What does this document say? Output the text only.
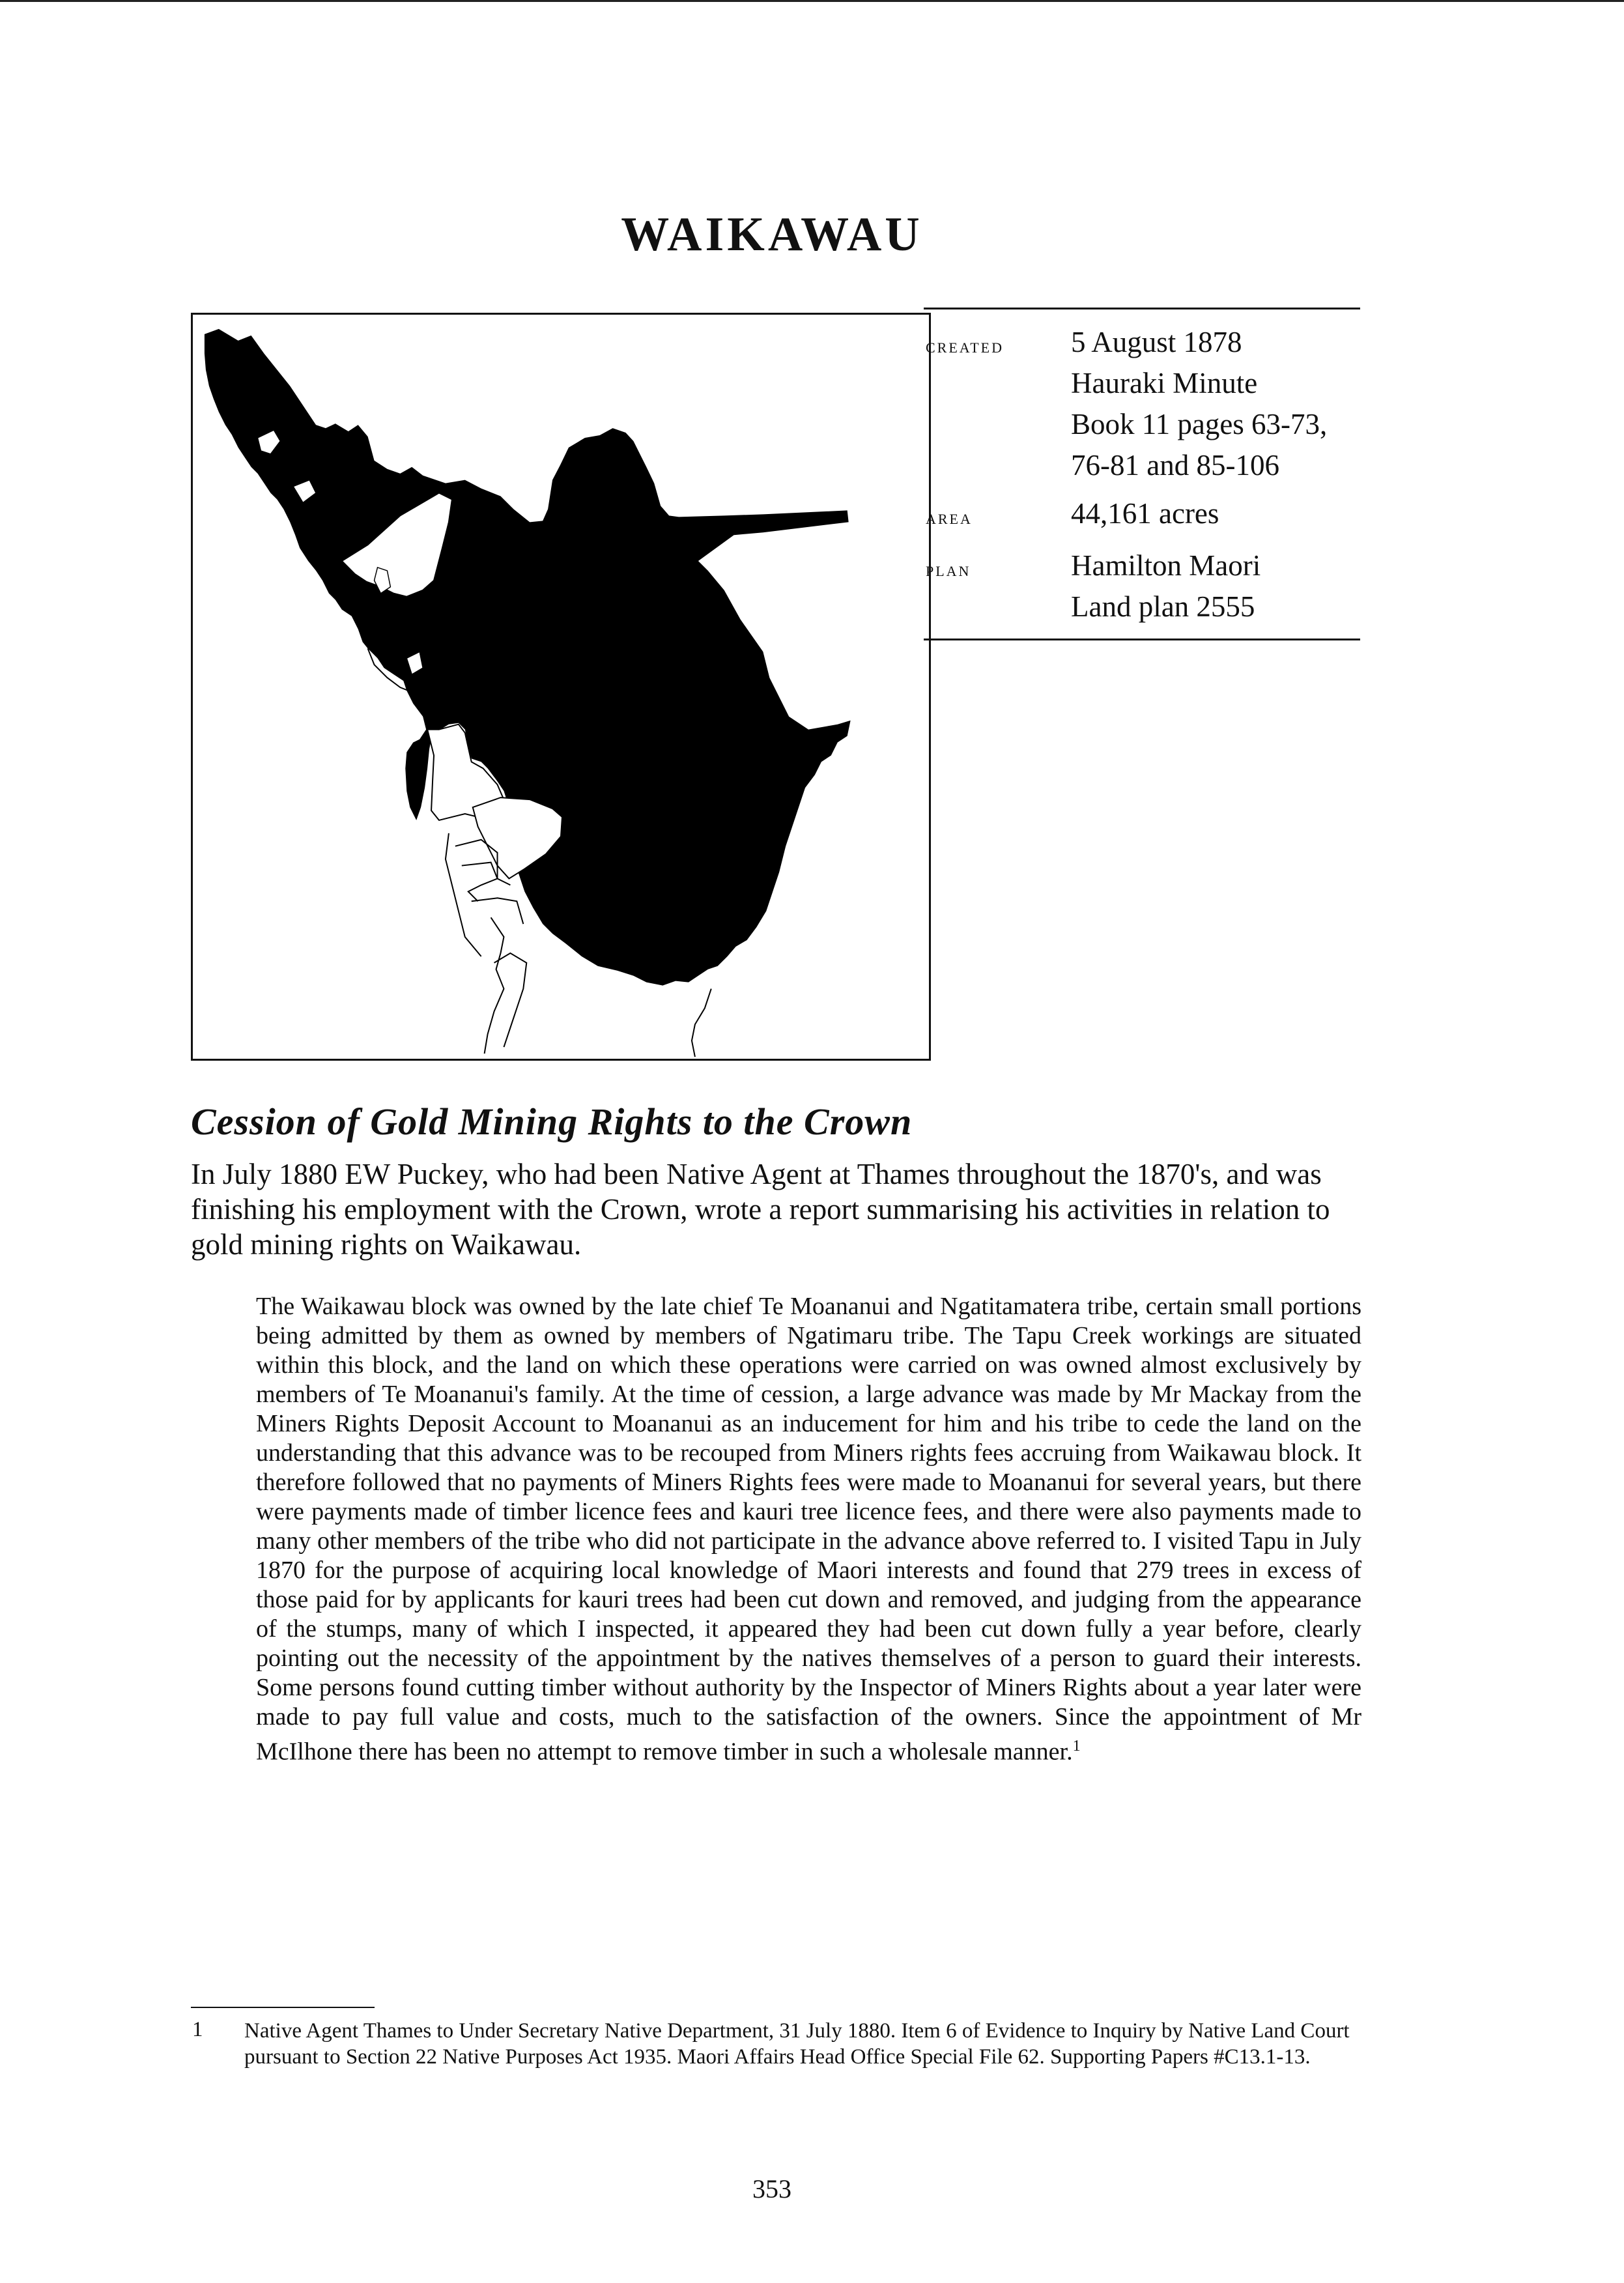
WAIKAWAU
created 5 August 1878
Hauraki Minute
Book 11 pages 63-73,
76-81 and 85-106
area	44,161 acres
plan	Hamilton Maori
Land plan 2555
Cession of Gold Mining Rights to the Crown
In July 1880 EW Puckey, who had been Native Agent at Thames throughout the 1870's, and was finishing his employment with the Crown, wrote a report summarising his activities in relation to gold mining rights on Waikawau.
The Waikawau block was owned by the late chief Te Moananui and Ngatitamatera tribe, certain small portions being admitted by them as owned by members of Ngatimaru tribe. The Tapu Creek workings are situated within this block, and the land on which these operations were carried on was owned almost exclusively by members of Te Moananui's family. At the time of cession, a large advance was made by Mr Mackay from the Miners Rights Deposit Account to Moananui as an inducement for him and his tribe to cede the land on the understanding that this advance was to be recouped from Miners rights fees accruing from Waikawau block. It therefore followed that no payments of Miners Rights fees were made to Moananui for several years, but there were payments made of timber licence fees and kauri tree licence fees, and there were also payments made to many other members of the tribe who did not participate in the advance above referred to. I visited Tapu in July 1870 for the purpose of acquiring local knowledge of Maori interests and found that 279 trees in excess of those paid for by applicants for kauri trees had been cut down and removed, and judging from the appearance of the stumps, many of which I inspected, it appeared they had been cut down fully a year before, clearly pointing out the necessity of the appointment by the natives themselves of a person to guard their interests. Some persons found cutting timber without authority by the Inspector of Miners Rights about a year later were made to pay full value and costs, much to the satisfaction of the owners. Since the appointment of Mr McIlhone there has been no attempt to remove timber in such a wholesale manner.$^1$
1 Native Agent Thames to Under Secretary Native Department, 31 July 1880. Item 6 of Evidence to Inquiry by Native Land Court pursuant to Section 22 Native Purposes Act 1935. Maori Affairs Head Office Special File 62. Supporting Papers #C13.1-13.
353
